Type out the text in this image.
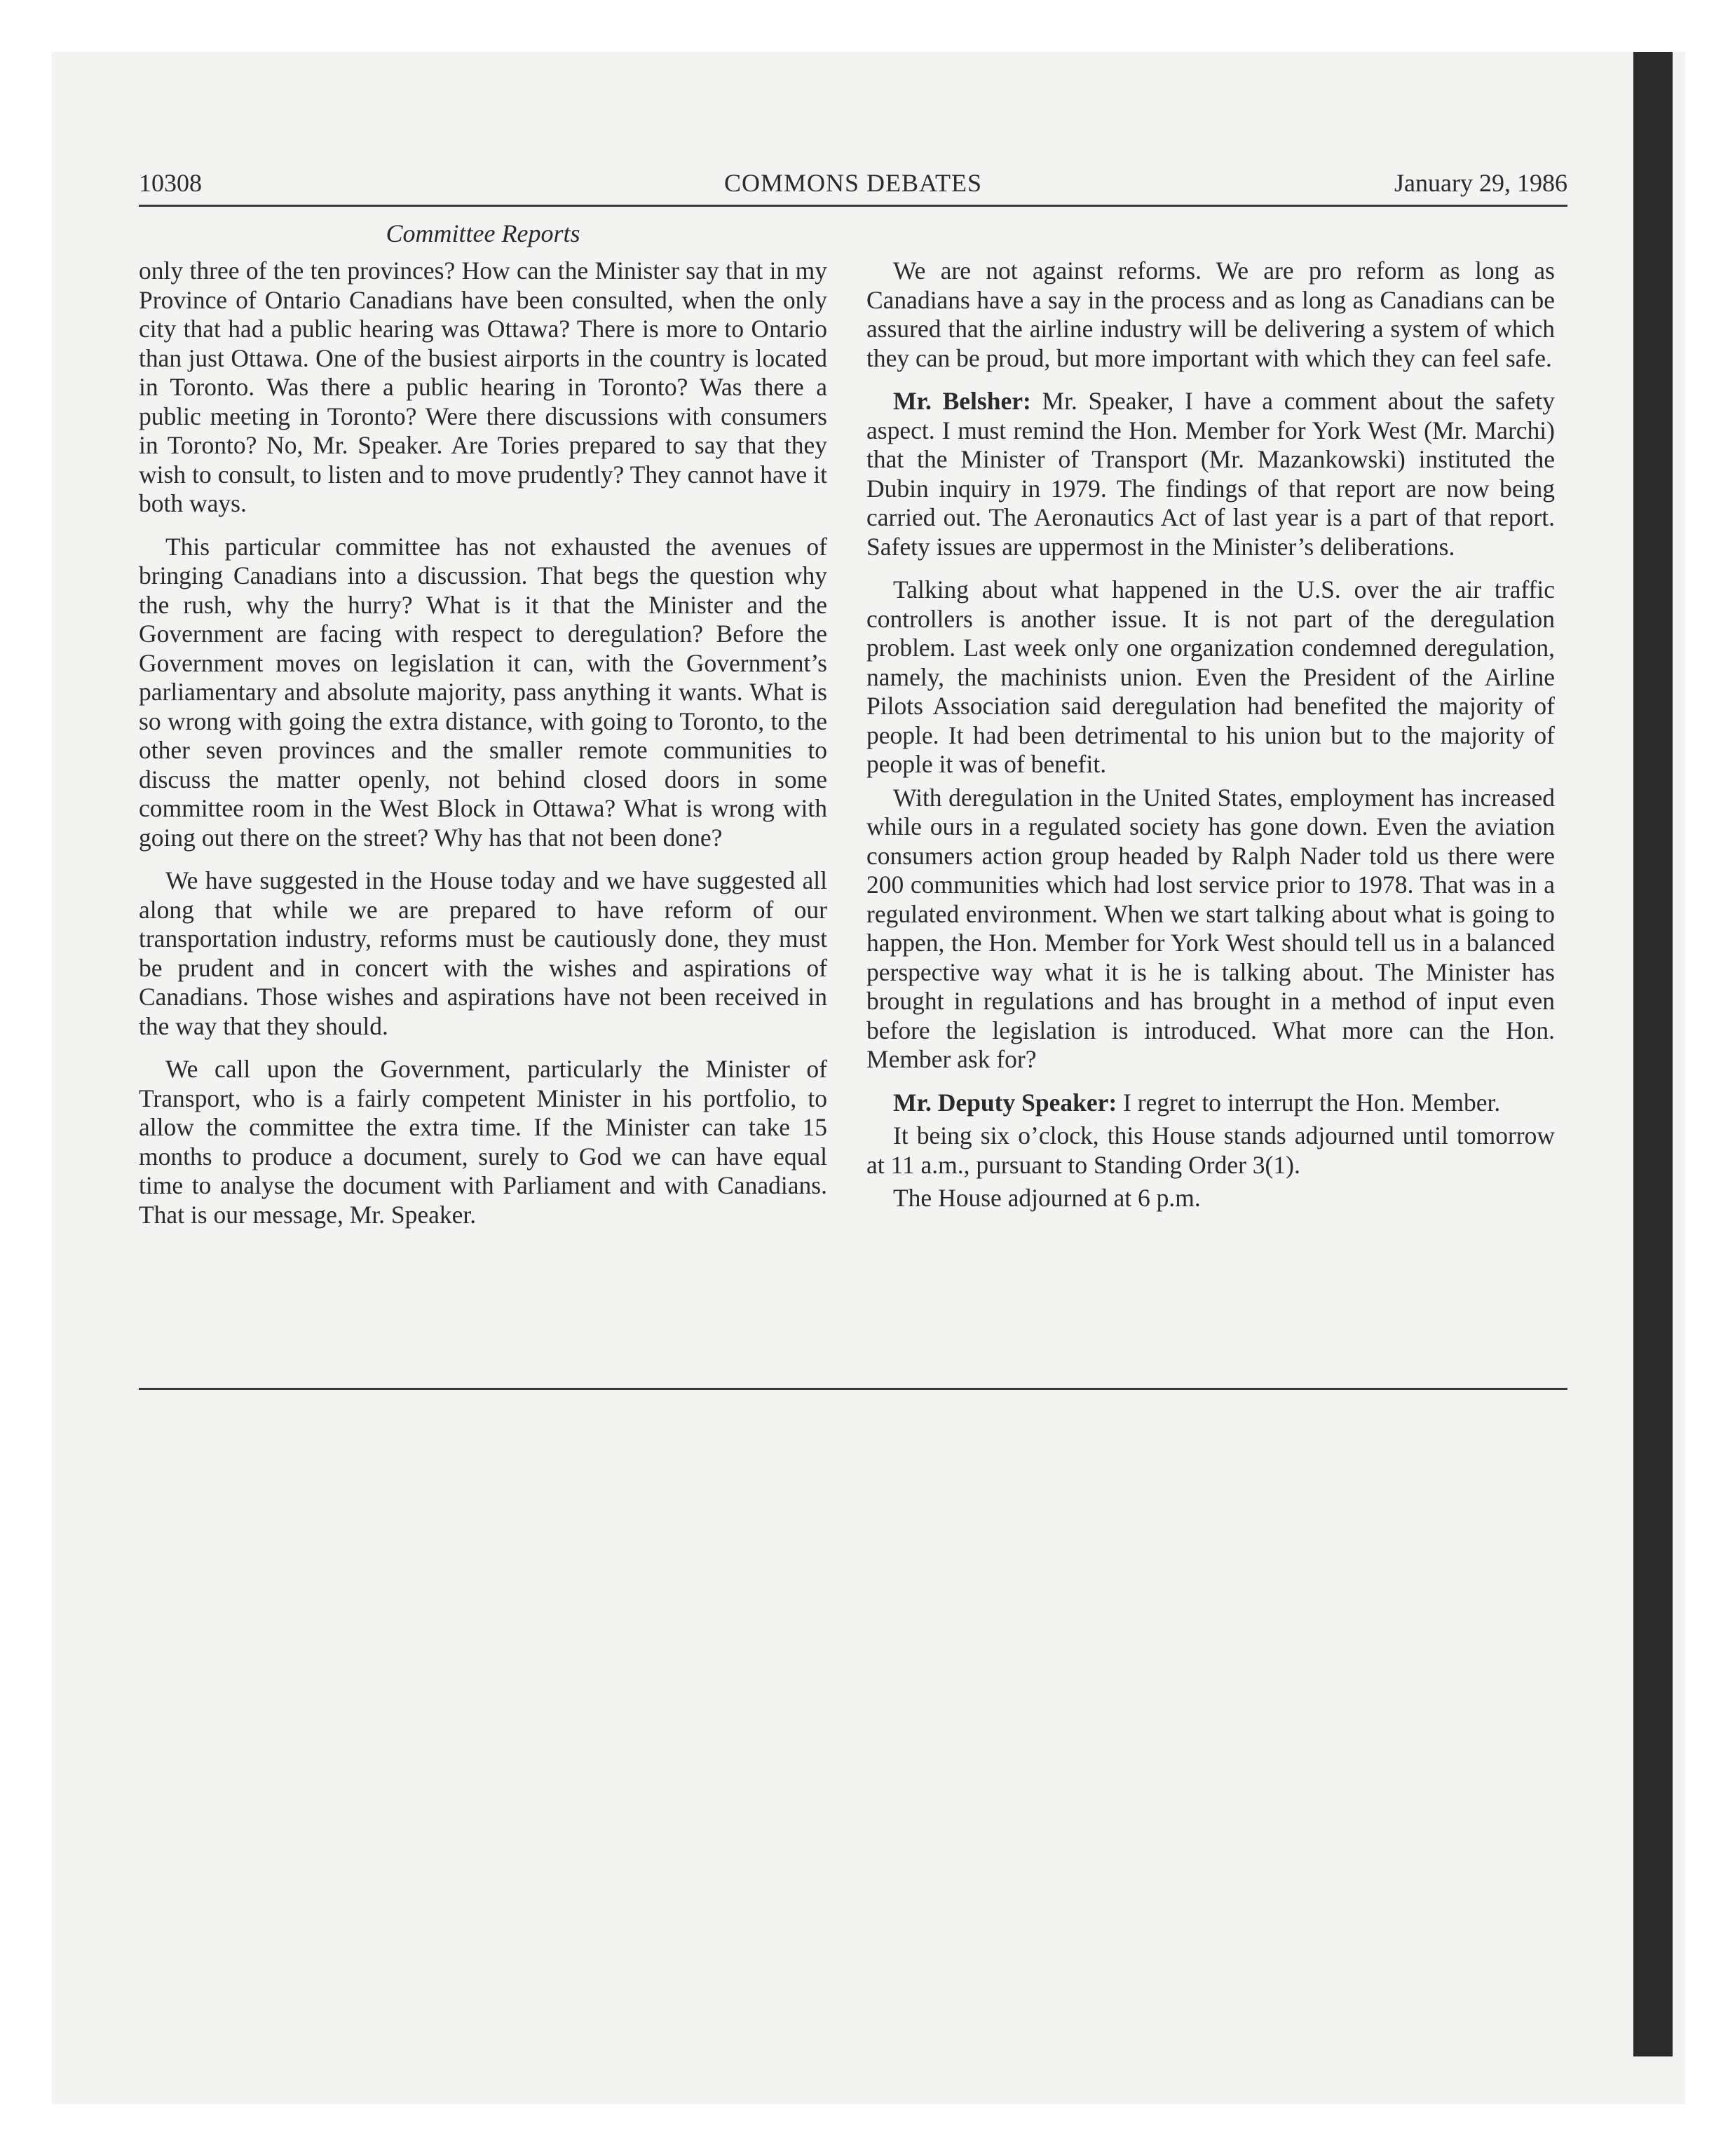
10308	COMMONS DEBATES	January 29, 1986
Committee Reports

only three of the ten provinces? How can the Minister say that in my Province of Ontario Canadians have been consulted, when the only city that had a public hearing was Ottawa? There is more to Ontario than just Ottawa. One of the busiest airports in the country is located in Toronto. Was there a public hearing in Toronto? Was there a public meeting in Toronto? Were there discussions with consumers in Toronto? No, Mr. Speaker. Are Tories prepared to say that they wish to consult, to listen and to move prudently? They cannot have it both ways.

This particular committee has not exhausted the avenues of bringing Canadians into a discussion. That begs the question why the rush, why the hurry? What is it that the Minister and the Government are facing with respect to deregulation? Before the Government moves on legislation it can, with the Government’s parliamentary and absolute majority, pass anything it wants. What is so wrong with going the extra distance, with going to Toronto, to the other seven provinces and the smaller remote communities to discuss the matter openly, not behind closed doors in some committee room in the West Block in Ottawa? What is wrong with going out there on the street? Why has that not been done?

We have suggested in the House today and we have suggested all along that while we are prepared to have reform of our transportation industry, reforms must be cautiously done, they must be prudent and in concert with the wishes and aspirations of Canadians. Those wishes and aspirations have not been received in the way that they should.

We call upon the Government, particularly the Minister of Transport, who is a fairly competent Minister in his portfolio, to allow the committee the extra time. If the Minister can take 15 months to produce a document, surely to God we can have equal time to analyse the document with Parliament and with Canadians. That is our message, Mr. Speaker.

We are not against reforms. We are pro reform as long as Canadians have a say in the process and as long as Canadians can be assured that the airline industry will be delivering a system of which they can be proud, but more important with which they can feel safe.

Mr. Belsher: Mr. Speaker, I have a comment about the safety aspect. I must remind the Hon. Member for York West (Mr. Marchi) that the Minister of Transport (Mr. Mazankowski) instituted the Dubin inquiry in 1979. The findings of that report are now being carried out. The Aeronautics Act of last year is a part of that report. Safety issues are uppermost in the Minister’s deliberations.

Talking about what happened in the U.S. over the air traffic controllers is another issue. It is not part of the deregulation problem. Last week only one organization condemned deregulation, namely, the machinists union. Even the President of the Airline Pilots Association said deregulation had benefited the majority of people. It had been detrimental to his union but to the majority of people it was of benefit.

With deregulation in the United States, employment has increased while ours in a regulated society has gone down. Even the aviation consumers action group headed by Ralph Nader told us there were 200 communities which had lost service prior to 1978. That was in a regulated environment. When we start talking about what is going to happen, the Hon. Member for York West should tell us in a balanced perspective way what it is he is talking about. The Minister has brought in regulations and has brought in a method of input even before the legislation is introduced. What more can the Hon. Member ask for?

Mr. Deputy Speaker: I regret to interrupt the Hon. Member.

It being six o’clock, this House stands adjourned until tomorrow at 11 a.m., pursuant to Standing Order 3(1).

The House adjourned at 6 p.m.
